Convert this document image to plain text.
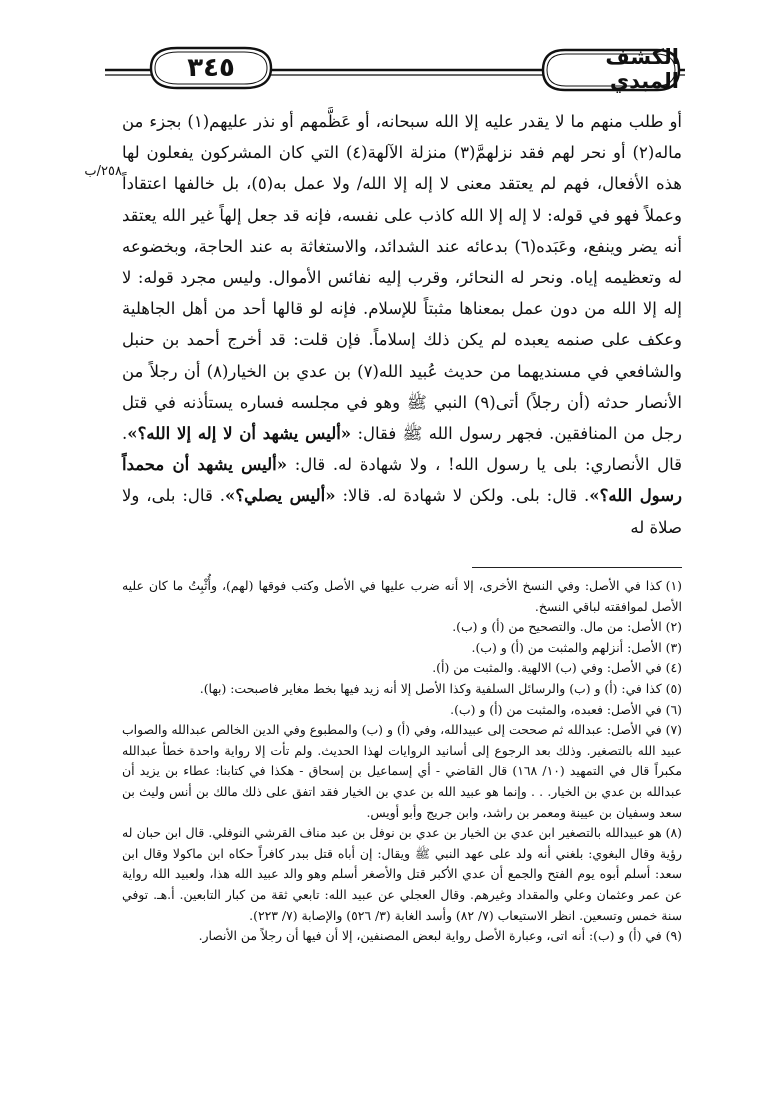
الكشف المبدي
٣٤٥
٢٥٨/ب

أو طلب منهم ما لا يقدر عليه إلا الله سبحانه، أو عَظَّمهم أو نذر عليهم(١) بجزء من ماله(٢) أو نحر لهم فقد نزلهمَّ(٣) منزلة الآلهة(٤) التي كان المشركون يفعلون لها هذه الأفعال، فهم لم يعتقد معنى لا إله إلا الله/ ولا عمل به(٥)، بل خالفها اعتقاداً وعملاً فهو في قوله: لا إله إلا الله كاذب على نفسه، فإنه قد جعل إلهاً غير الله يعتقد أنه يضر وينفع، وعَبَده(٦) بدعائه عند الشدائد، والاستغاثة به عند الحاجة، وبخضوعه له وتعظيمه إياه. ونحر له النحائر، وقرب إليه نفائس الأموال. وليس مجرد قوله: لا إله إلا الله من دون عمل بمعناها مثبتاً للإسلام. فإنه لو قالها أحد من أهل الجاهلية وعكف على صنمه يعبده لم يكن ذلك إسلاماً. فإن قلت: قد أخرج أحمد بن حنبل والشافعي في مسنديهما من حديث عُبيد الله(٧) بن عدي بن الخيار(٨) أن رجلاً من الأنصار حدثه (أن رجلاً) أتى(٩) النبي ﷺ وهو في مجلسه فساره يستأذنه في قتل رجل من المنافقين. فجهر رسول الله ﷺ فقال: «أليس يشهد أن لا إله إلا الله؟». قال الأنصاري: بلى يا رسول الله! ، ولا شهادة له. قال: «أليس يشهد أن محمداً رسول الله؟». قال: بلى. ولكن لا شهادة له. قالا: «أليس يصلي؟». قال: بلى، ولا صلاة له

(١)كذا في الأصل: وفي النسخ الأخرى، إلا أنه ضرب عليها في الأصل وكتب فوقها (لهم)، وأُثْبِتُ ما كان عليه الأصل لموافقته لباقي النسخ.

(٢)الأصل: من مال. والتصحيح من (أ) و (ب).

(٣)الأصل: أنزلهم والمثبت من (أ) و (ب).

(٤)في الأصل: وفي (ب) الالهية. والمثبت من (أ).

(٥)كذا في: (أ) و (ب) والرسائل السلفية وكذا الأصل إلا أنه زيد فيها بخط مغاير فاصبحت: (بها).

(٦)في الأصل: فعبده، والمثبت من (أ) و (ب).

(٧)في الأصل: عبدالله ثم صححت إلى عبيدالله، وفي (أ) و (ب) والمطبوع وفي الدين الخالص عبدالله والصواب عبيد الله بالتصغير. وذلك بعد الرجوع إلى أسانيد الروايات لهذا الحديث. ولم تأت إلا رواية واحدة خطأ عبدالله مكبراً قال في التمهيد (١٠/ ١٦٨) قال القاضي - أي إسماعيل بن إسحاق - هكذا في كتابنا: عطاء بن يزيد أن عبدالله بن عدي بن الخيار. . . وإنما هو عبيد الله بن عدي بن الخيار فقد اتفق على ذلك مالك بن أنس وليث بن سعد وسفيان بن عيينة ومعمر بن راشد، وابن جريج وأبو أويس.

(٨)هو عبيدالله بالتصغير ابن عدي بن الخيار بن عدي بن نوفل بن عبد مناف القرشي النوفلي. قال ابن حبان له رؤية وقال البغوي: بلغني أنه ولد على عهد النبي ﷺ ويقال: إن أباه قتل ببدر كافراً حكاه ابن ماكولا وقال ابن سعد: أسلم أبوه يوم الفتح والجمع أن عدي الأكبر قتل والأصغر أسلم وهو والد عبيد الله هذا، ولعبيد الله رواية عن عمر وعثمان وعلي والمقداد وغيرهم. وقال العجلي عن عبيد الله: تابعي ثقة من كبار التابعين. أ.هـ. توفي سنة خمس وتسعين. انظر الاستيعاب (٧/ ٨٢) وأسد الغابة (٣/ ٥٢٦) والإصابة (٧/ ٢٢٣).

(٩)في (أ) و (ب): أنه اتى، وعبارة الأصل رواية لبعض المصنفين، إلا أن فيها أن رجلاً من الأنصار.
